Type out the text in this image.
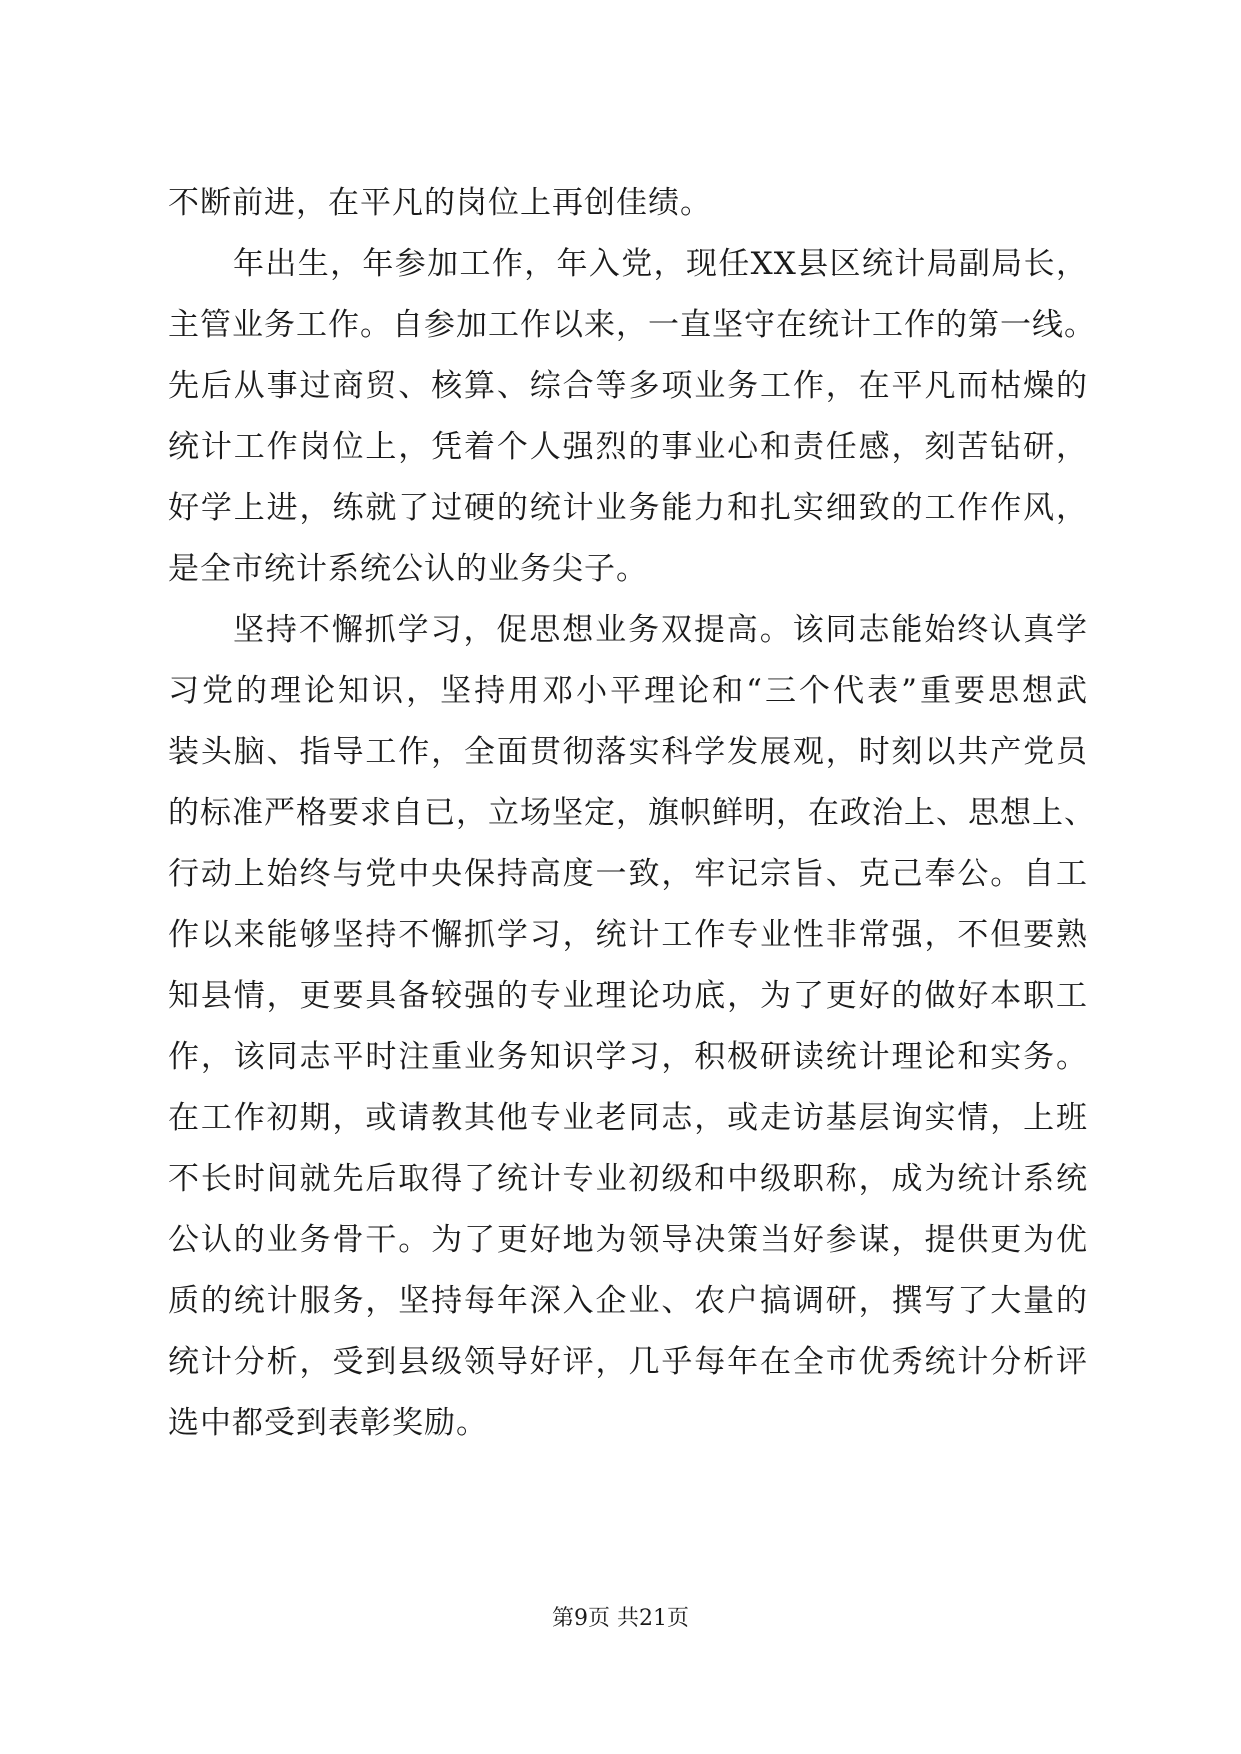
不断前进，在平凡的岗位上再创佳绩。
年出生，年参加工作，年入党，现任XX县区统计局副局长，
主管业务工作。自参加工作以来，一直坚守在统计工作的第一线。
先后从事过商贸、核算、综合等多项业务工作，在平凡而枯燥的
统计工作岗位上，凭着个人强烈的事业心和责任感，刻苦钻研，
好学上进，练就了过硬的统计业务能力和扎实细致的工作作风，
是全市统计系统公认的业务尖子。
坚持不懈抓学习，促思想业务双提高。该同志能始终认真学
习党的理论知识，坚持用邓小平理论和“三个代表”重要思想武
装头脑、指导工作，全面贯彻落实科学发展观，时刻以共产党员
的标准严格要求自已，立场坚定，旗帜鲜明，在政治上、思想上、
行动上始终与党中央保持高度一致，牢记宗旨、克己奉公。自工
作以来能够坚持不懈抓学习，统计工作专业性非常强，不但要熟
知县情，更要具备较强的专业理论功底，为了更好的做好本职工
作，该同志平时注重业务知识学习，积极研读统计理论和实务。
在工作初期，或请教其他专业老同志，或走访基层询实情，上班
不长时间就先后取得了统计专业初级和中级职称，成为统计系统
公认的业务骨干。为了更好地为领导决策当好参谋，提供更为优
质的统计服务，坚持每年深入企业、农户搞调研，撰写了大量的
统计分析，受到县级领导好评，几乎每年在全市优秀统计分析评
选中都受到表彰奖励。
第9页 共21页
